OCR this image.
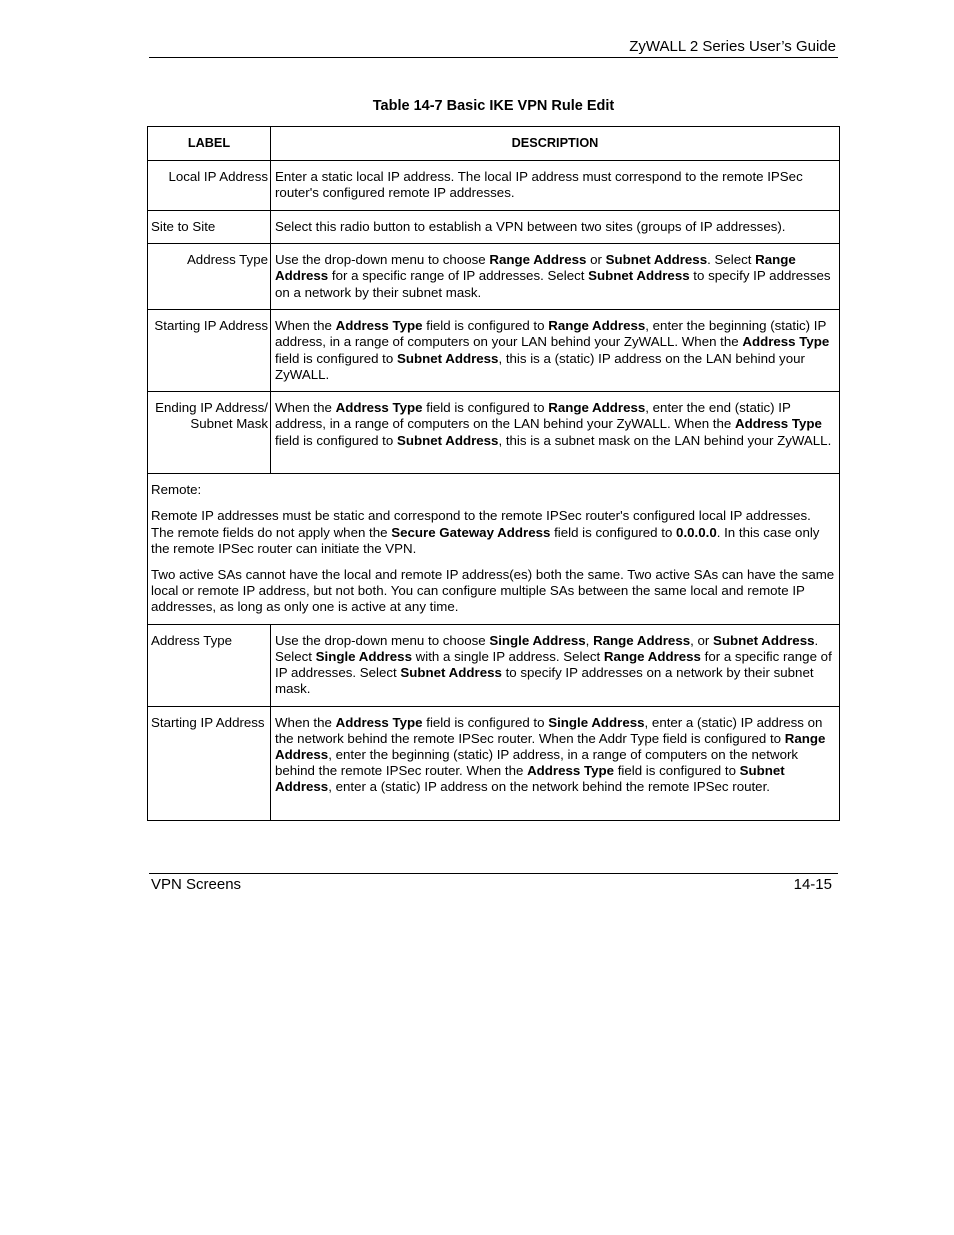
ZyWALL 2 Series User’s Guide
Table 14-7 Basic IKE VPN Rule Edit
LABEL	DESCRIPTION
Local IP Address	Enter a static local IP address. The local IP address must correspond to the remote IPSec router's configured remote IP addresses.
Site to Site	Select this radio button to establish a VPN between two sites (groups of IP addresses).
Address Type	Use the drop-down menu to choose Range Address or Subnet Address. Select Range Address for a specific range of IP addresses. Select Subnet Address to specify IP addresses on a network by their subnet mask.
Starting IP Address	When the Address Type field is configured to Range Address, enter the beginning (static) IP address, in a range of computers on your LAN behind your ZyWALL. When the Address Type field is configured to Subnet Address, this is a (static) IP address on the LAN behind your ZyWALL.
Ending IP Address/ Subnet Mask	When the Address Type field is configured to Range Address, enter the end (static) IP address, in a range of computers on the LAN behind your ZyWALL. When the Address Type field is configured to Subnet Address, this is a subnet mask on the LAN behind your ZyWALL.

Remote:

Remote IP addresses must be static and correspond to the remote IPSec router's configured local IP addresses. The remote fields do not apply when the Secure Gateway Address field is configured to 0.0.0.0. In this case only the remote IPSec router can initiate the VPN.

Two active SAs cannot have the local and remote IP address(es) both the same. Two active SAs can have the same local or remote IP address, but not both. You can configure multiple SAs between the same local and remote IP addresses, as long as only one is active at any time.	

Address Type	Use the drop-down menu to choose Single Address, Range Address, or Subnet Address. Select Single Address with a single IP address. Select Range Address for a specific range of IP addresses. Select Subnet Address to specify IP addresses on a network by their subnet mask.
Starting IP Address	When the Address Type field is configured to Single Address, enter a (static) IP address on the network behind the remote IPSec router. When the Addr Type field is configured to Range Address, enter the beginning (static) IP address, in a range of computers on the network behind the remote IPSec router. When the Address Type field is configured to Subnet Address, enter a (static) IP address on the network behind the remote IPSec router.
VPN Screens	14-15
